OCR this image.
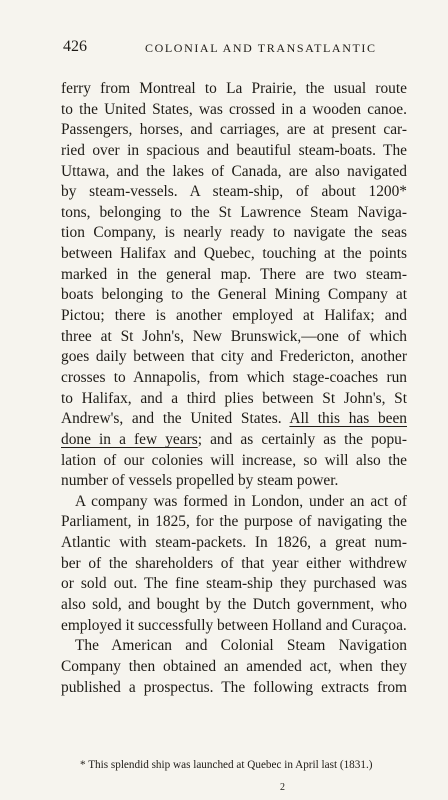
426	COLONIAL AND TRANSATLANTIC
ferry from Montreal to La Prairie, the usual route
to the United States, was crossed in a wooden canoe.
Passengers, horses, and carriages, are at present car-
ried over in spacious and beautiful steam-boats. The
Uttawa, and the lakes of Canada, are also navigated
by steam-vessels. A steam-ship, of about 1200*
tons, belonging to the St Lawrence Steam Naviga-
tion Company, is nearly ready to navigate the seas
between Halifax and Quebec, touching at the points
marked in the general map. There are two steam-
boats belonging to the General Mining Company at
Pictou; there is another employed at Halifax; and
three at St John's, New Brunswick,—one of which
goes daily between that city and Fredericton, another
crosses to Annapolis, from which stage-coaches run
to Halifax, and a third plies between St John's, St
Andrew's, and the United States. All this has been
done in a few years; and as certainly as the popu-
lation of our colonies will increase, so will also the
number of vessels propelled by steam power.
A company was formed in London, under an act of
Parliament, in 1825, for the purpose of navigating the
Atlantic with steam-packets. In 1826, a great num-
ber of the shareholders of that year either withdrew
or sold out. The fine steam-ship they purchased was
also sold, and bought by the Dutch government, who
employed it successfully between Holland and Curaçoa.
The American and Colonial Steam Navigation
Company then obtained an amended act, when they
published a prospectus. The following extracts from
* This splendid ship was launched at Quebec in April last (1831.)
2
